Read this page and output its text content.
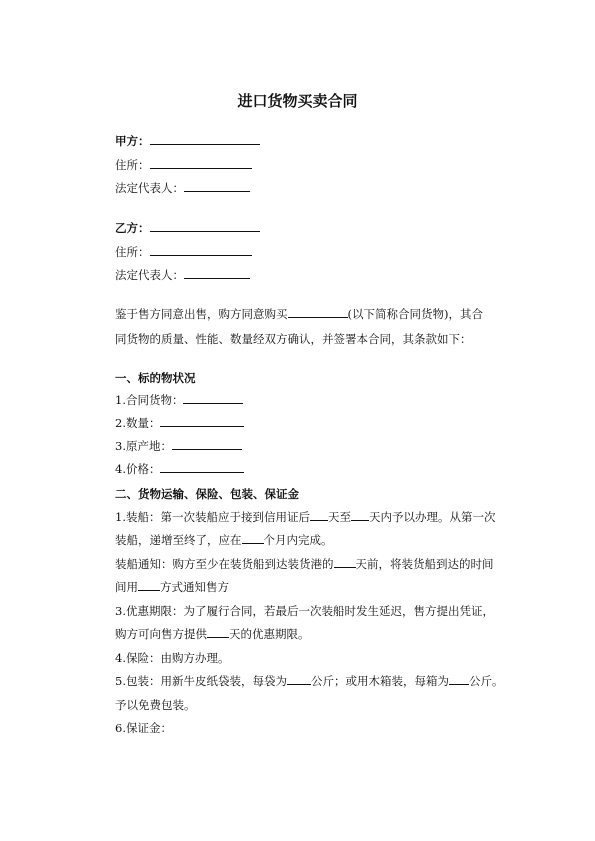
进口货物买卖合同
甲方：
住所：
法定代表人：
乙方：
住所：
法定代表人：
鉴于售方同意出售，购方同意购买	(以下简称合同货物)，其合
同货物的质量、性能、数量经双方确认，并签署本合同，其条款如下：
一、标的物状况
1.合同货物：
2.数量：
3.原产地：
4.价格：
二、货物运输、保险、包装、保证金
1.装船：第一次装船应于接到信用证后 天至 天内予以办理。从第一次
装船，递增至终了，应在 个月内完成。
装船通知：购方至少在装货船到达装货港的 天前，将装货船到达的时间
间用 方式通知售方
3.优惠期限：为了履行合同，若最后一次装船时发生延迟，售方提出凭证，
购方可向售方提供 天的优惠期限。
4.保险：由购方办理。
5.包装：用新牛皮纸袋装，每袋为 公斤；或用木箱装，每箱为 公斤。
予以免费包装。
6.保证金：
